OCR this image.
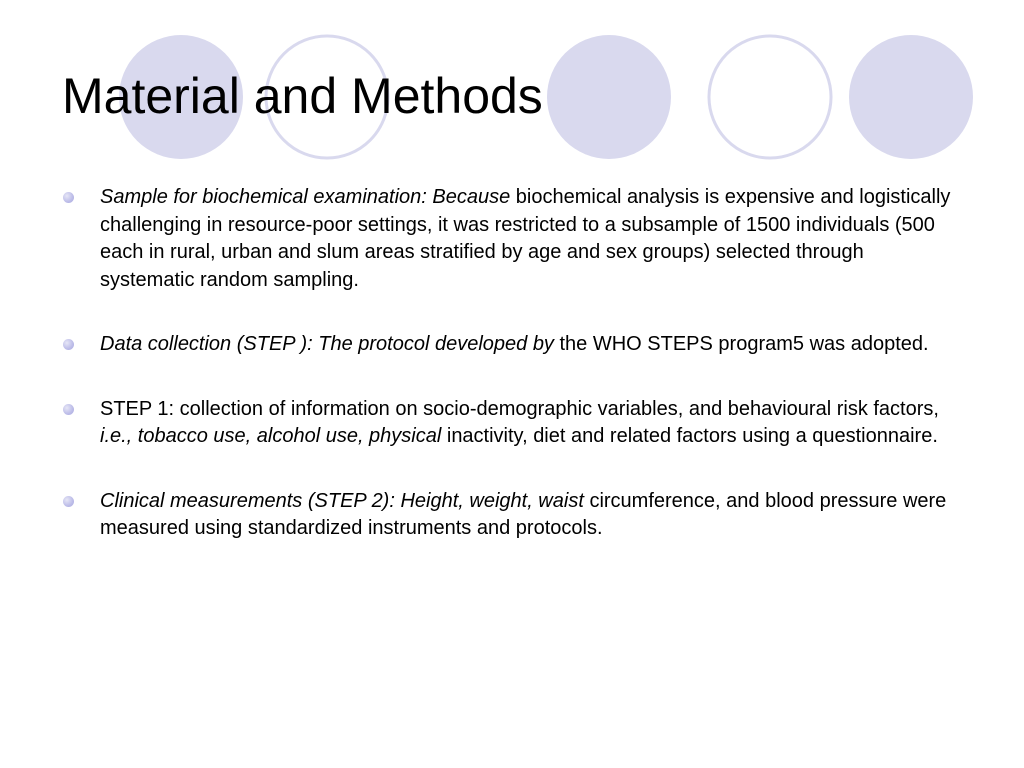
Material and Methods
Sample for biochemical examination: Because biochemical analysis is expensive and logistically challenging in resource-poor settings, it was restricted to a subsample of 1500 individuals (500 each in rural, urban and slum areas stratified by age and sex groups) selected through systematic random sampling.
Data collection (STEP ): The protocol developed by the WHO STEPS program5 was adopted.
STEP 1: collection of information on socio-demographic variables, and behavioural risk factors, i.e., tobacco use, alcohol use, physical inactivity, diet and related factors using a questionnaire.
Clinical measurements (STEP 2): Height, weight, waist circumference, and blood pressure were measured using standardized instruments and protocols.
